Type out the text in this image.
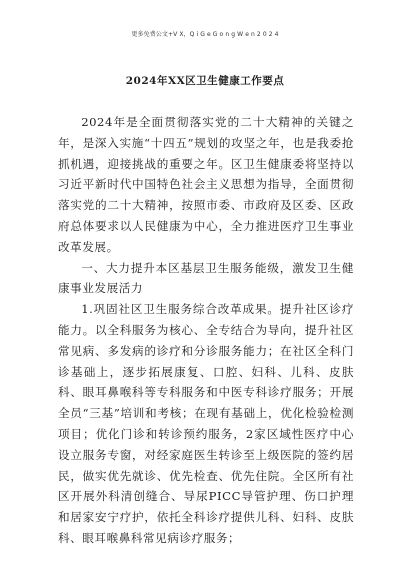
更多免费公文+V X，Q i G e G o n g W e n 2 0 2 4
2024年XX区卫生健康工作要点

2024年是全面贯彻落实党的二十大精神的关键之年，是深入实施“十四五”规划的攻坚之年，也是我委抢抓机遇，迎接挑战的重要之年。区卫生健康委将坚持以习近平新时代中国特色社会主义思想为指导，全面贯彻落实党的二十大精神，按照市委、市政府及区委、区政府总体要求以人民健康为中心，全力推进医疗卫生事业改革发展。

一、大力提升本区基层卫生服务能级，激发卫生健康事业发展活力

1.巩固社区卫生服务综合改革成果。提升社区诊疗能力。以全科服务为核心、全专结合为导向，提升社区常见病、多发病的诊疗和分诊服务能力；在社区全科门诊基础上，逐步拓展康复、口腔、妇科、儿科、皮肤科、眼耳鼻喉科等专科服务和中医专科诊疗服务；开展全员“三基”培训和考核；在现有基础上，优化检验检测项目；优化门诊和转诊预约服务，2家区域性医疗中心设立服务专窗，对经家庭医生转诊至上级医院的签约居民，做实优先就诊、优先检查、优先住院。全区所有社区开展外科清创缝合、导尿PICC导管护理、伤口护理和居家安宁疗护，依托全科诊疗提供儿科、妇科、皮肤科、眼耳喉鼻科常见病诊疗服务；
